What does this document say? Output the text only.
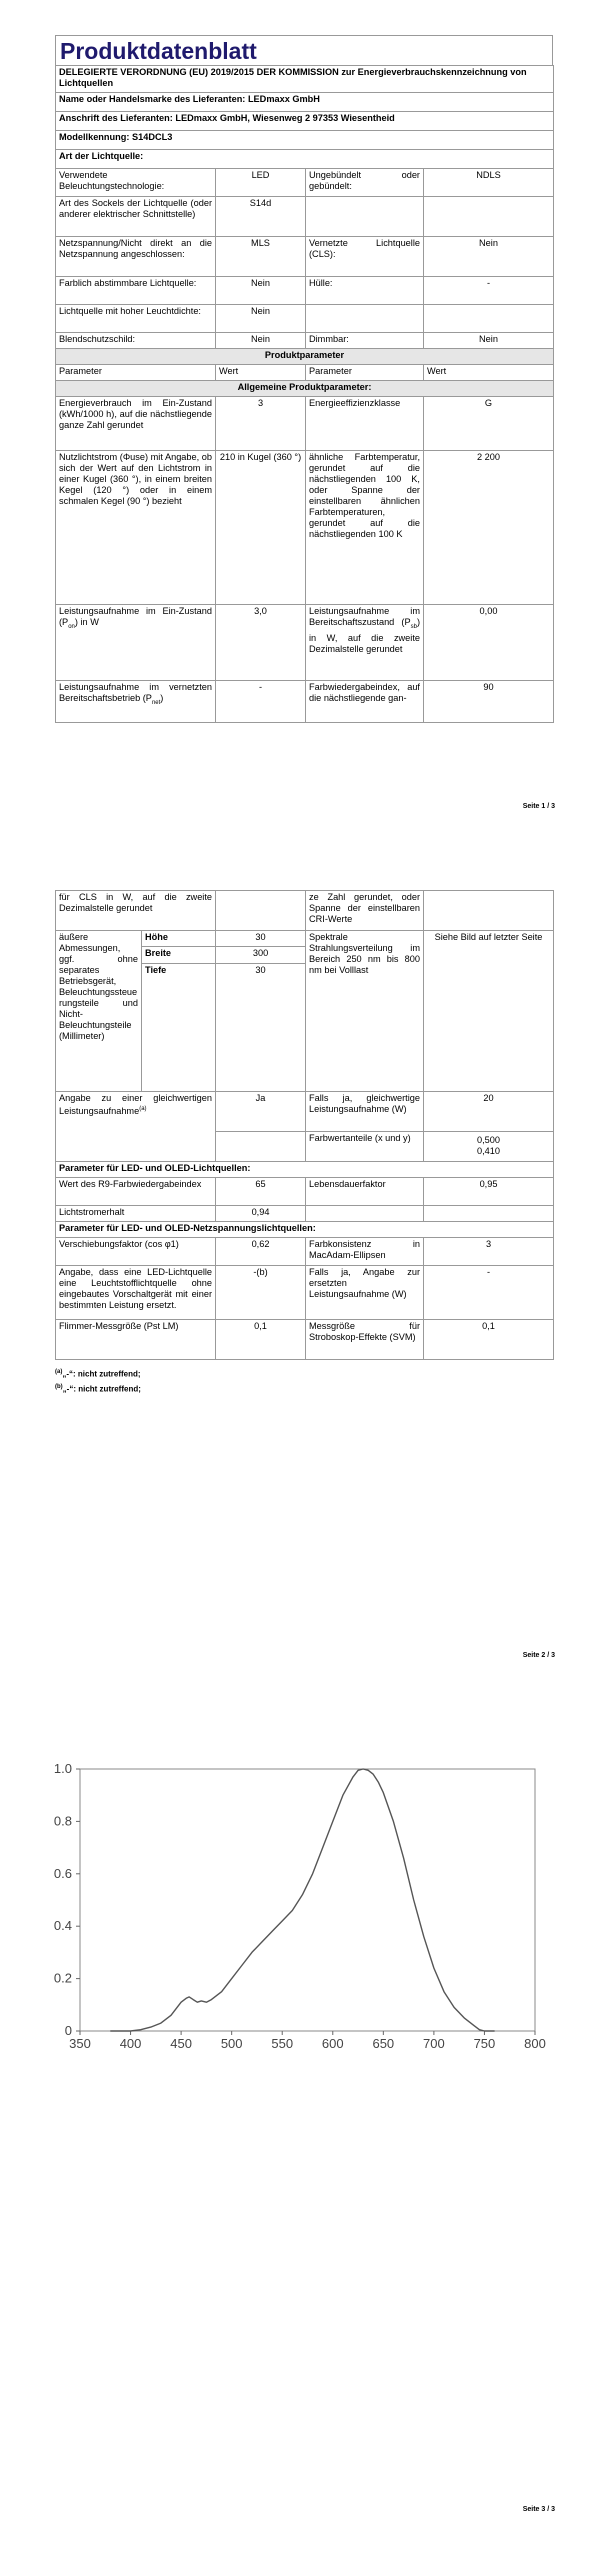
Produktdatenblatt
DELEGIERTE VERORDNUNG (EU) 2019/2015 DER KOMMISSION zur Energieverbrauchskennzeichnung von Lichtquellen			
Name oder Handelsmarke des Lieferanten: LEDmaxx GmbH			
Anschrift des Lieferanten: LEDmaxx GmbH, Wiesenweg 2 97353 Wiesentheid			
Modellkennung: S14DCL3			
Art der Lichtquelle:			
Verwendete Beleuchtungstechnologie:	LED	Ungebündelt oder gebündelt:	NDLS
Art des Sockels der Lichtquelle (oder anderer elektrischer Schnittstelle)	S14d		
Netzspannung/Nicht direkt an die Netzspannung angeschlossen:	MLS	Vernetzte Lichtquelle (CLS):	Nein
Farblich abstimmbare Lichtquelle:	Nein	Hülle:	-
Lichtquelle mit hoher Leuchtdichte:	Nein		
Blendschutzschild:	Nein	Dimmbar:	Nein
Produktparameter			
Parameter	Wert	Parameter	Wert
Allgemeine Produktparameter:			
Energieverbrauch im Ein-Zustand (kWh/1000 h), auf die nächstliegende ganze Zahl gerundet	3	Energieeffizienzklasse	G
Nutzlichtstrom (Φuse) mit Angabe, ob sich der Wert auf den Lichtstrom in einer Kugel (360 °), in einem breiten Kegel (120 °) oder in einem schmalen Kegel (90 °) bezieht	210 in Kugel (360 °)	ähnliche Farbtemperatur, gerundet auf die nächstliegenden 100 K, oder Spanne der einstellbaren ähnlichen Farbtemperaturen, gerundet auf die nächstliegenden 100 K	2 200
Leistungsaufnahme im Ein-Zustand $(P_{on})$ in W	3,0	Leistungsaufnahme im Bereitschaftszustand $(P_{sb})$ in W, auf die zweite Dezimalstelle gerundet	0,00
Leistungsaufnahme im vernetzten Bereitschaftsbetrieb $(P_{net})$	-	Farbwiedergabeindex, auf die nächstliegende gan-	90
Seite 1 / 3
für CLS in W, auf die zweite Dezimalstelle gerundet			ze Zahl gerundet, oder Spanne der einstellbaren CRI-Werte	
äußere Abmessungen, ggf. ohne separates Betriebsgerät, Beleuchtungssteuerungsteile und Nicht-Beleuchtungsteile (Millimeter)	Höhe	30	Spektrale Strahlungsverteilung im Bereich 250 nm bis 800 nm bei Volllast	Siehe Bild auf letzter Seite
	Breite	300		
	Tiefe	30		
Angabe zu einer gleichwertigen Leistungsaufnahme$^{(a)}$		Ja	Falls ja, gleichwertige Leistungsaufnahme (W)	20
			Farbwertanteile (x und y)	0,500
0,410

Parameter für LED- und OLED-Lichtquellen:				
Wert des R9-Farbwiedergabeindex		65	Lebensdauerfaktor	0,95
Lichtstromerhalt		0,94		
Parameter für LED- und OLED-Netzspannungslichtquellen:				
Verschiebungsfaktor (cos φ1)		0,62	Farbkonsistenz in MacAdam-Ellipsen	3
Angabe, dass eine LED-Lichtquelle eine Leuchtstofflichtquelle ohne eingebautes Vorschaltgerät mit einer bestimmten Leistung ersetzt.		-(b)	Falls ja, Angabe zur ersetzten Leistungsaufnahme (W)	-
Flimmer-Messgröße (Pst LM)		0,1	Messgröße für Stroboskop-Effekte (SVM)	0,1
$^{(a)}$„-“: nicht zutreffend;
$^{(b)}$„-“: nicht zutreffend;
Seite 2 / 3
350 400 450 500 550 600 650 700 750 800
0
0.2
0.4
0.6
0.8
1.0
Seite 3 / 3
